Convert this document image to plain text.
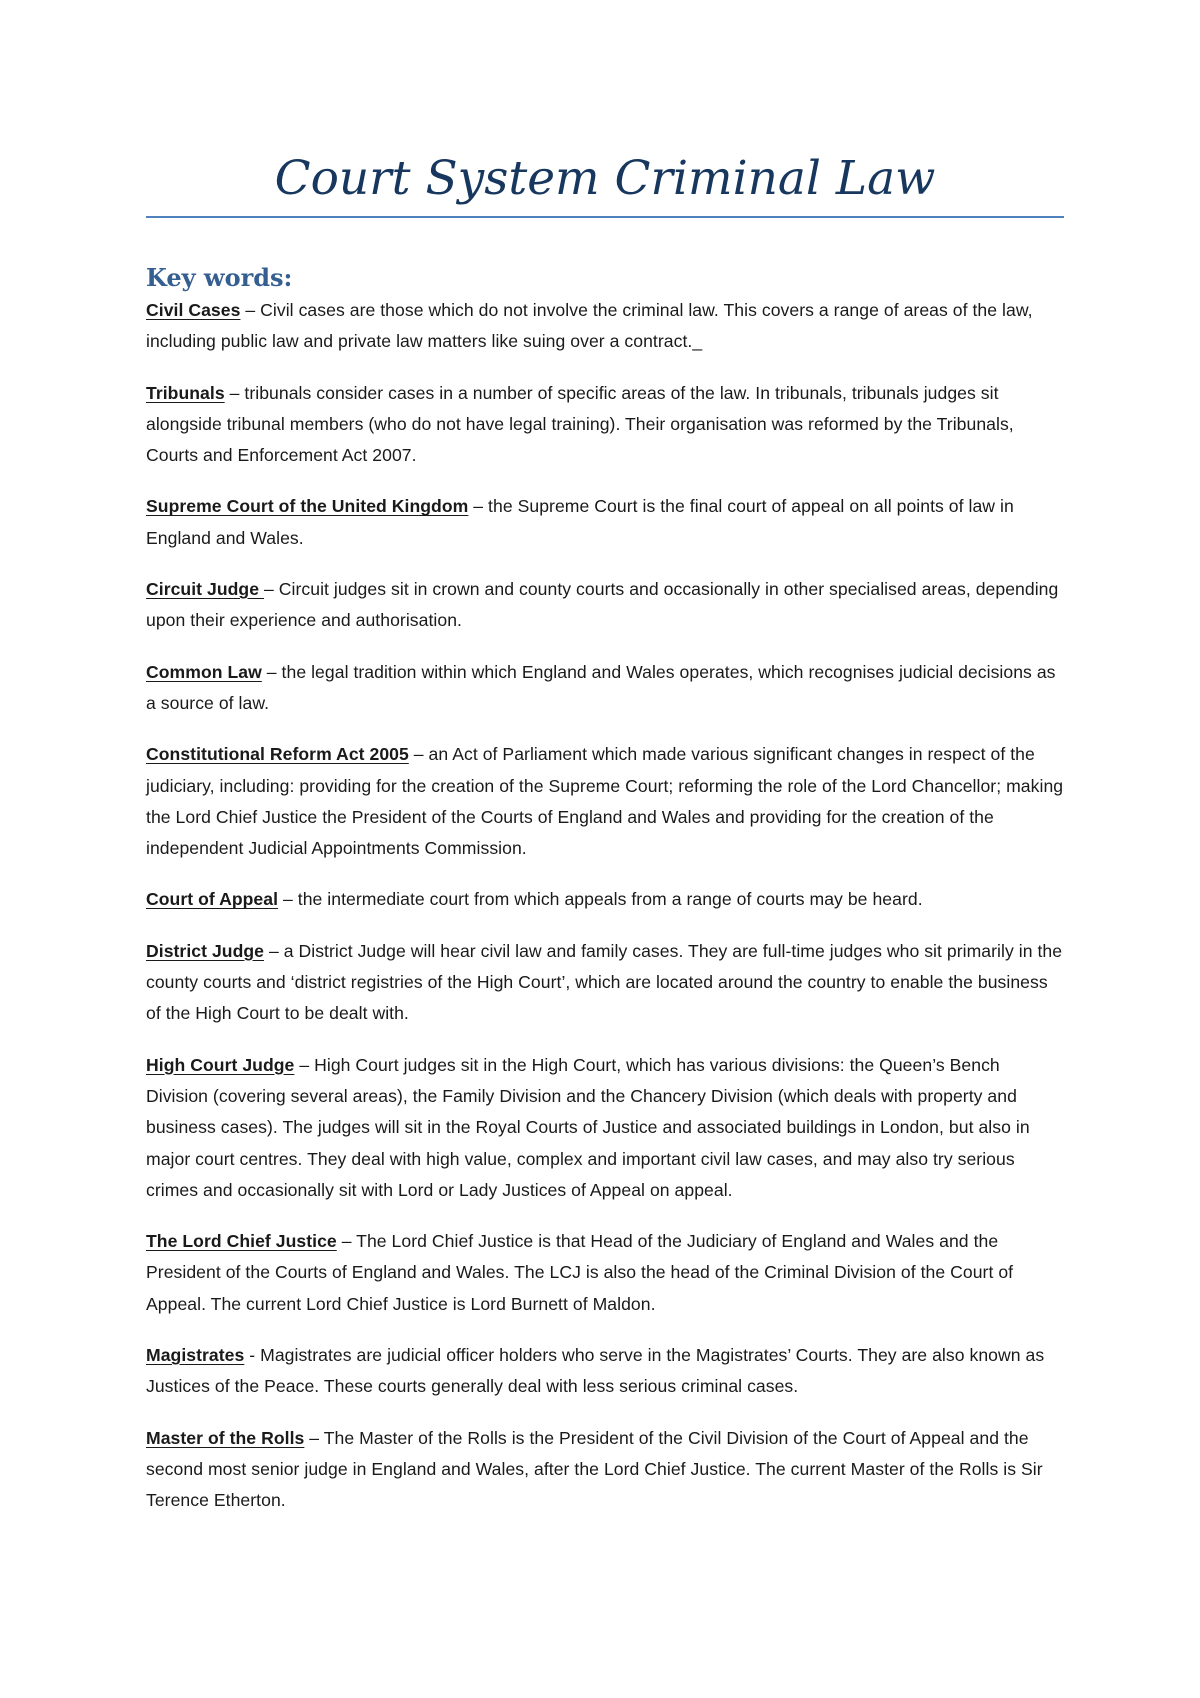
Court System Criminal Law
Key words:

Civil Cases – Civil cases are those which do not involve the criminal law. This covers a range of areas of the law, including public law and private law matters like suing over a contract._

Tribunals – tribunals consider cases in a number of specific areas of the law. In tribunals, tribunals judges sit alongside tribunal members (who do not have legal training). Their organisation was reformed by the Tribunals, Courts and Enforcement Act 2007.

Supreme Court of the United Kingdom – the Supreme Court is the final court of appeal on all points of law in England and Wales.

Circuit Judge – Circuit judges sit in crown and county courts and occasionally in other specialised areas, depending upon their experience and authorisation.

Common Law – the legal tradition within which England and Wales operates, which recognises judicial decisions as a source of law.

Constitutional Reform Act 2005 – an Act of Parliament which made various significant changes in respect of the judiciary, including: providing for the creation of the Supreme Court; reforming the role of the Lord Chancellor; making the Lord Chief Justice the President of the Courts of England and Wales and providing for the creation of the independent Judicial Appointments Commission.

Court of Appeal – the intermediate court from which appeals from a range of courts may be heard.

District Judge – a District Judge will hear civil law and family cases. They are full-time judges who sit primarily in the county courts and ‘district registries of the High Court’, which are located around the country to enable the business of the High Court to be dealt with.

High Court Judge – High Court judges sit in the High Court, which has various divisions: the Queen’s Bench Division (covering several areas), the Family Division and the Chancery Division (which deals with property and business cases). The judges will sit in the Royal Courts of Justice and associated buildings in London, but also in major court centres. They deal with high value, complex and important civil law cases, and may also try serious crimes and occasionally sit with Lord or Lady Justices of Appeal on appeal.

The Lord Chief Justice – The Lord Chief Justice is that Head of the Judiciary of England and Wales and the President of the Courts of England and Wales. The LCJ is also the head of the Criminal Division of the Court of Appeal. The current Lord Chief Justice is Lord Burnett of Maldon.

Magistrates - Magistrates are judicial officer holders who serve in the Magistrates’ Courts. They are also known as Justices of the Peace. These courts generally deal with less serious criminal cases.

Master of the Rolls – The Master of the Rolls is the President of the Civil Division of the Court of Appeal and the second most senior judge in England and Wales, after the Lord Chief Justice. The current Master of the Rolls is Sir Terence Etherton.
